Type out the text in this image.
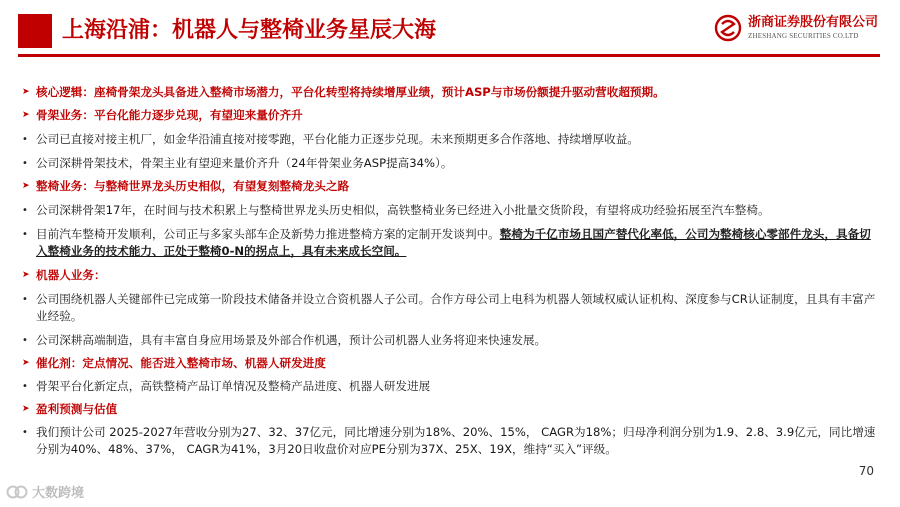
上海沿浦：机器人与整椅业务星辰大海	浙商证券股份有限公司
ZHESHANG SECURITIES CO.LTD
➤ 核心逻辑：座椅骨架龙头具备进入整椅市场潜力，平台化转型将持续增厚业绩，预计ASP与市场份额提升驱动营收超预期。
➤ 骨架业务：平台化能力逐步兑现，有望迎来量价齐升
• 公司已直接对接主机厂，如金华沿浦直接对接零跑，平台化能力正逐步兑现。未来预期更多合作落地、持续增厚收益。
• 公司深耕骨架技术，骨架主业有望迎来量价齐升（24年骨架业务ASP提高34%）。
➤ 整椅业务：与整椅世界龙头历史相似，有望复刻整椅龙头之路
• 公司深耕骨架17年，在时间与技术积累上与整椅世界龙头历史相似，高铁整椅业务已经进入小批量交货阶段，有望将成功经验拓展至汽车整椅。
• 目前汽车整椅开发顺利，公司正与多家头部车企及新势力推进整椅方案的定制开发谈判中。整椅为千亿市场且国产替代化率低，公司为整椅核心零部件龙头，具备切入整椅业务的技术能力、正处于整椅0-N的拐点上，具有未来成长空间。
➤ 机器人业务：
• 公司围绕机器人关键部件已完成第一阶段技术储备并设立合资机器人子公司。合作方母公司上电科为机器人领域权威认证机构、深度参与CR认证制度，且具有丰富产业经验。
• 公司深耕高端制造，具有丰富自身应用场景及外部合作机遇，预计公司机器人业务将迎来快速发展。
➤ 催化剂：定点情况、能否进入整椅市场、机器人研发进度
• 骨架平台化新定点，高铁整椅产品订单情况及整椅产品进度、机器人研发进展
➤ 盈利预测与估值
• 我们预计公司 2025-2027年营收分别为27、32、37亿元，同比增速分别为18%、20%、15%， CAGR为18%；归母净利润分别为1.9、2.8、3.9亿元，同比增速分别为40%、48%、37%， CAGR为41%，3月20日收盘价对应PE分别为37X、25X、19X，维持“买入”评级。
70
大数跨境
